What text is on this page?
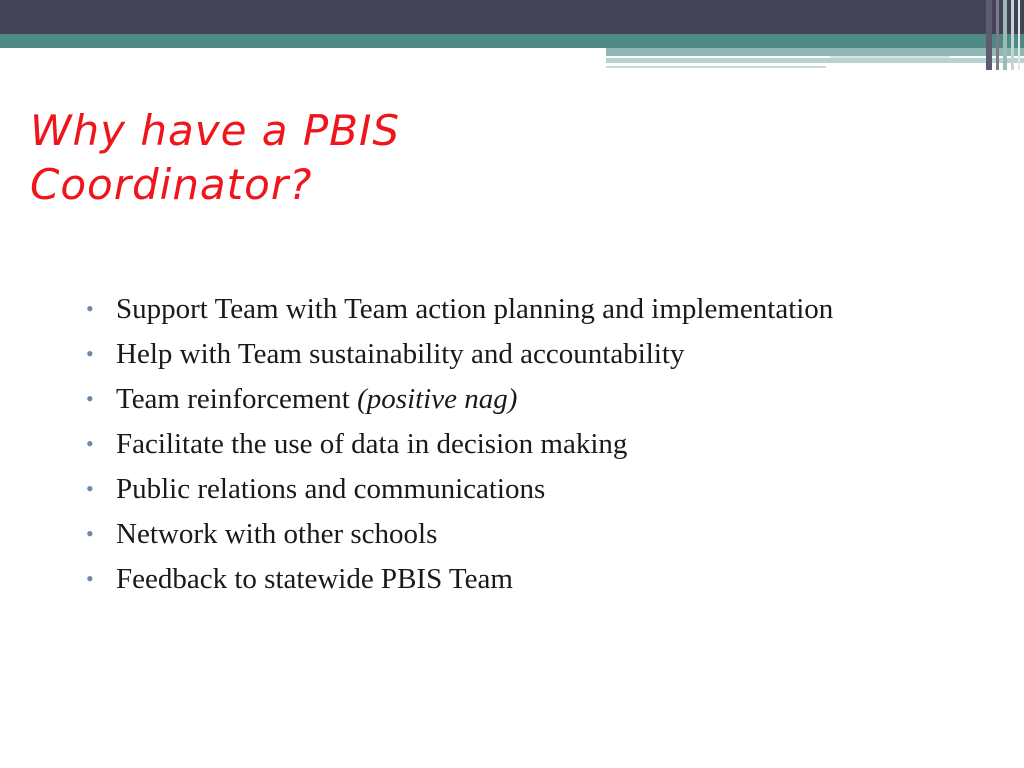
Why have a PBIS
Coordinator?
• Support Team with Team action planning and implementation
• Help with Team sustainability and accountability
• Team reinforcement (positive nag)
• Facilitate the use of data in decision making
• Public relations and communications
• Network with other schools
• Feedback to statewide PBIS Team
